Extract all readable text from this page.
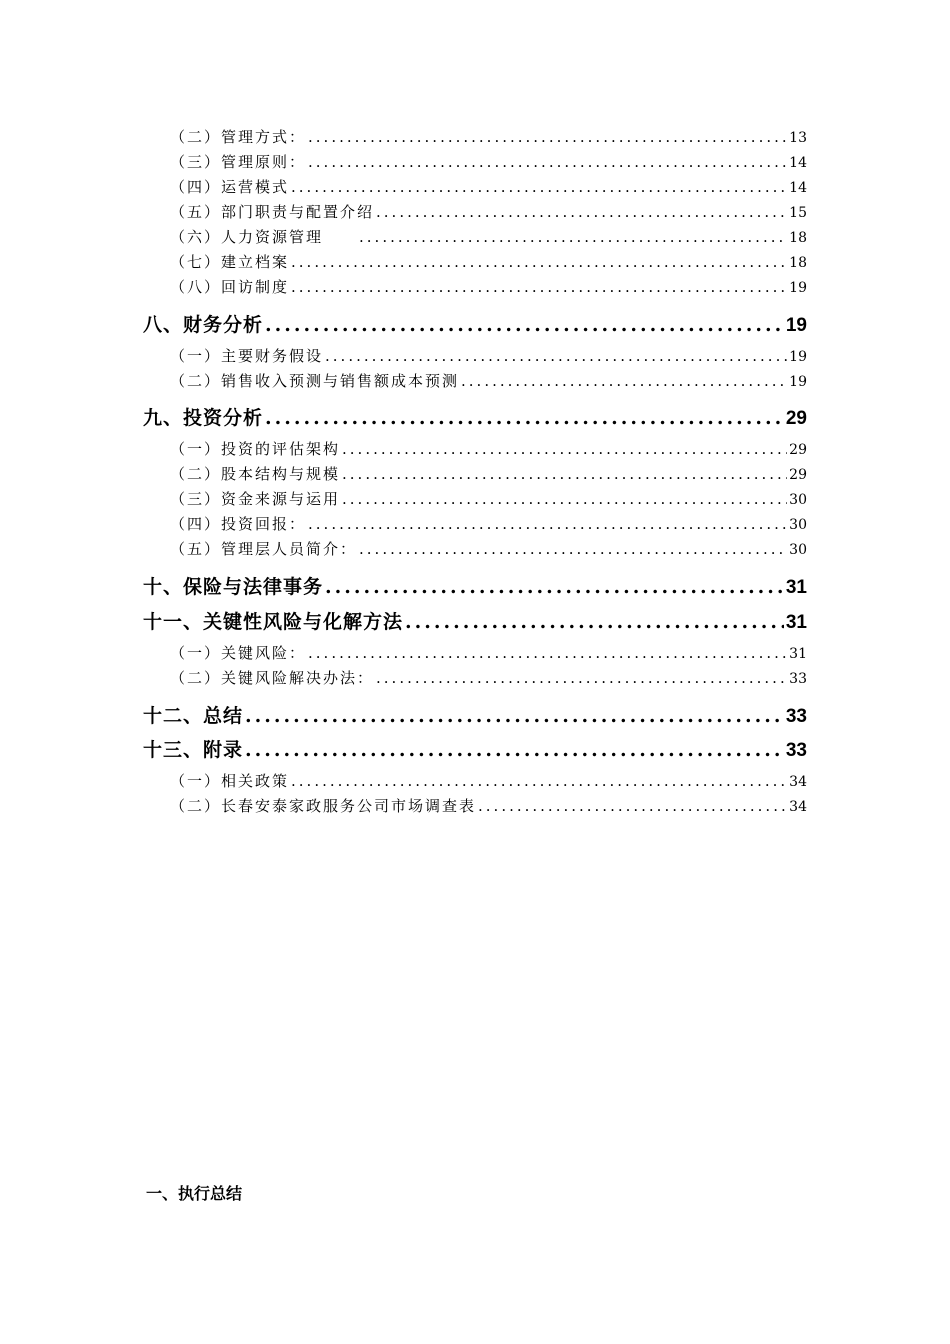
（二）管理方式： .....	13
（三）管理原则： .....	14
（四）运营模式 .....	14
（五）部门职责与配置介绍 .....	15
（六）人力资源管理　　 .....	18
（七）建立档案 .....	18
（八）回访制度 .....	19
八、财务分析 .....	19
（一）主要财务假设 .....	19
（二）销售收入预测与销售额成本预测 .....	19
九、投资分析 .....	29
（一）投资的评估架构 .....	29
（二）股本结构与规模 .....	29
（三）资金来源与运用 .....	30
（四）投资回报： .....	30
（五）管理层人员简介： .....	30
十、保险与法律事务 .....	31
十一、关键性风险与化解方法 .....	31
（一）关键风险： .....	31
（二）关键风险解决办法： .....	33
十二、总结 .....	33
十三、附录 .....	33
（一）相关政策 .....	34
（二）长春安泰家政服务公司市场调查表 .....	34
一、执行总结
